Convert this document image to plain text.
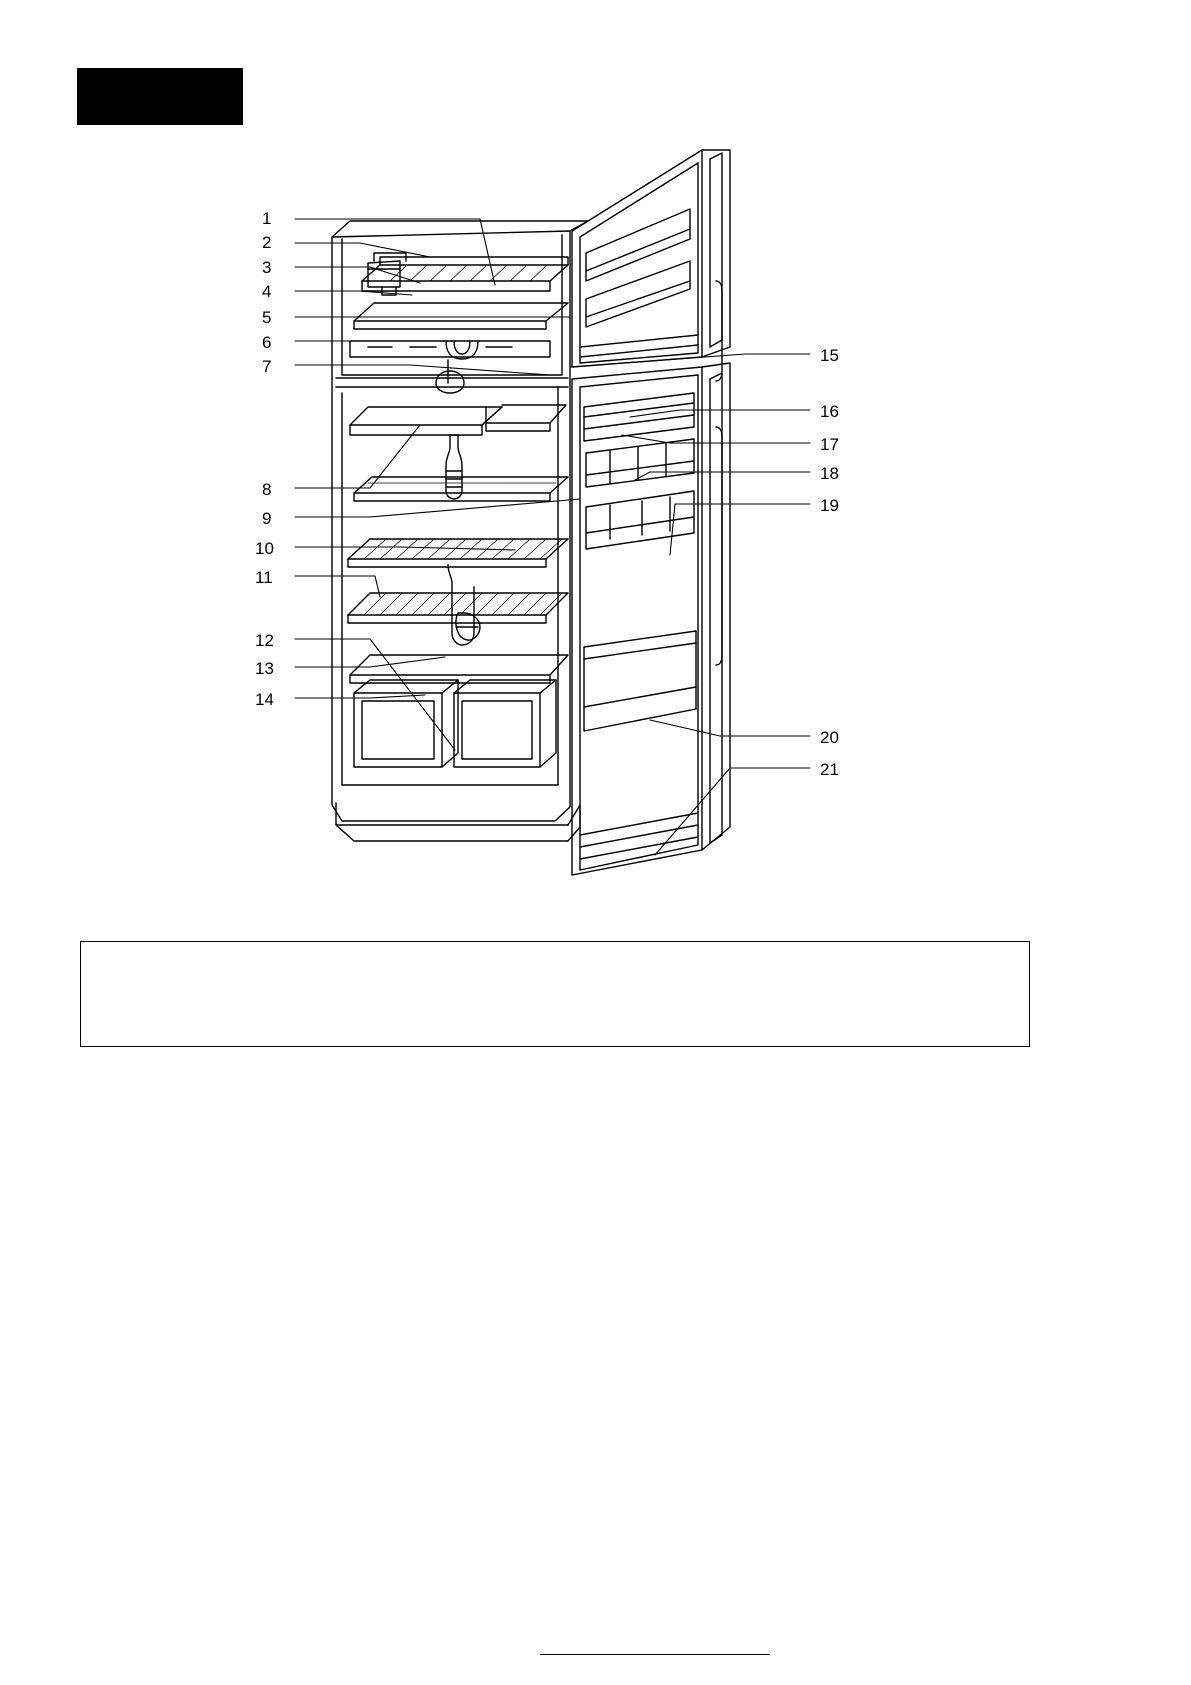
1
2
3
4
5
6
7
8
9
10
11
12
13
14
15
16
17
18
19
20
21
